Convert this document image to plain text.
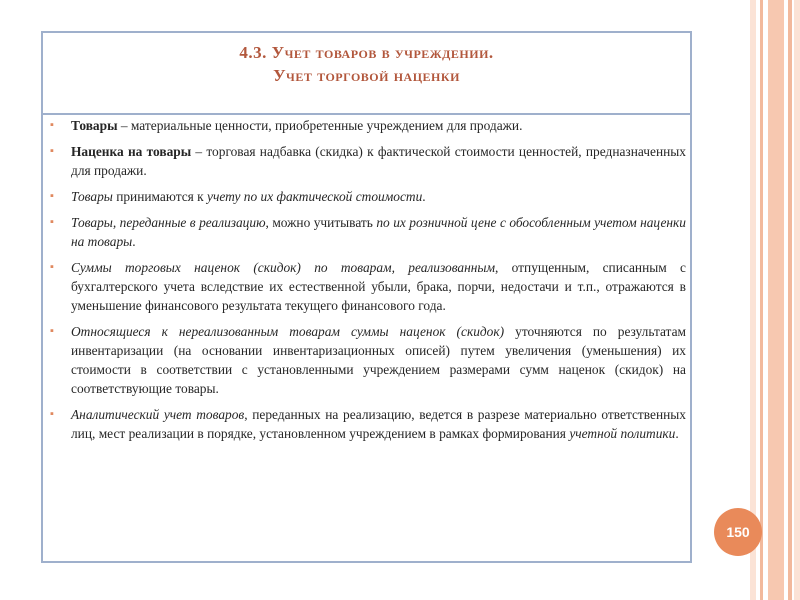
4.3. Учет товаров в учреждении.
Учет торговой наценки
▪ Товары – материальные ценности, приобретенные учреждением для продажи.
▪ Наценка на товары – торговая надбавка (скидка) к фактической стоимости ценностей, предназначенных для продажи.
▪ Товары принимаются к учету по их фактической стоимости.
▪ Товары, переданные в реализацию, можно учитывать по их розничной цене с обособленным учетом наценки на товары.
▪ Суммы торговых наценок (скидок) по товарам, реализованным, отпущенным, списанным с бухгалтерского учета вследствие их естественной убыли, брака, порчи, недостачи и т.п., отражаются в уменьшение финансового результата текущего финансового года.
▪ Относящиеся к нереализованным товарам суммы наценок (скидок) уточняются по результатам инвентаризации (на основании инвентаризационных описей) путем увеличения (уменьшения) их стоимости в соответствии с установленными учреждением размерами сумм наценок (скидок) на соответствующие товары.
▪ Аналитический учет товаров, переданных на реализацию, ведется в разрезе материально ответственных лиц, мест реализации в порядке, установленном учреждением в рамках формирования учетной политики.
150
